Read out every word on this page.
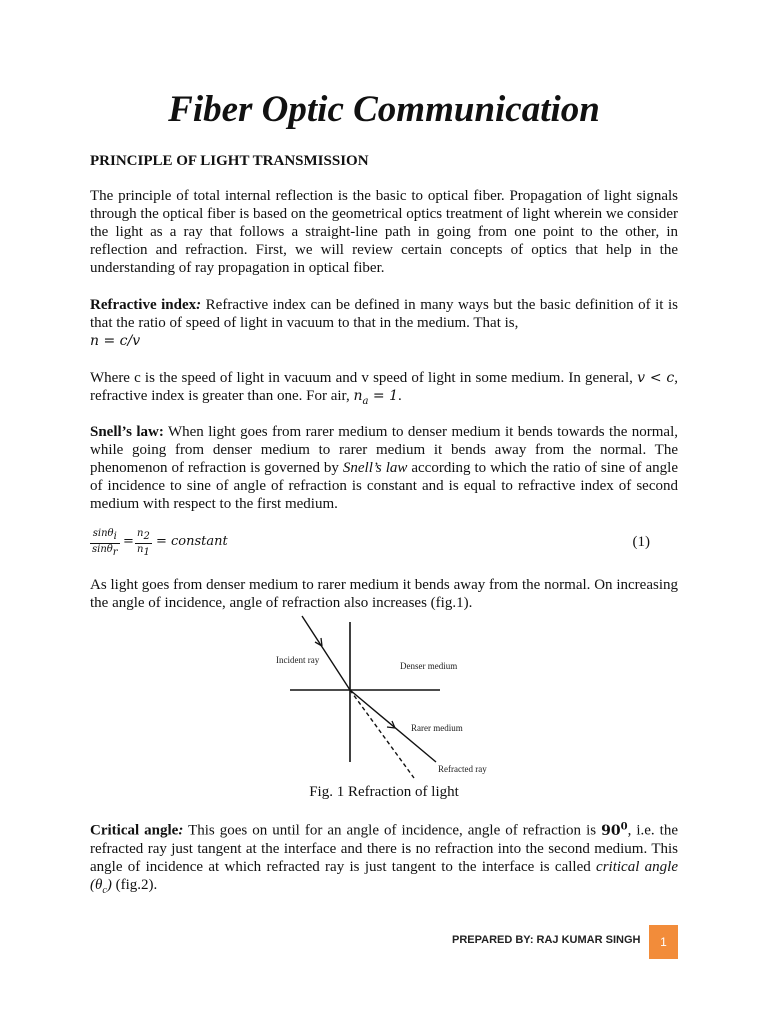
Fiber Optic Communication
PRINCIPLE OF LIGHT TRANSMISSION
The principle of total internal reflection is the basic to optical fiber. Propagation of light signals through the optical fiber is based on the geometrical optics treatment of light wherein we consider the light as a ray that follows a straight-line path in going from one point to the other, in reflection and refraction. First, we will review certain concepts of optics that help in the understanding of ray propagation in optical fiber.
Refractive index: Refractive index can be defined in many ways but the basic definition of it is that the ratio of speed of light in vacuum to that in the medium. That is,
n = c/v
Where c is the speed of light in vacuum and v speed of light in some medium. In general, v < c, refractive index is greater than one. For air, $n_a = 1$.
Snell’s law: When light goes from rarer medium to denser medium it bends towards the normal, while going from denser medium to rarer medium it bends away from the normal. The phenomenon of refraction is governed by Snell’s law according to which the ratio of sine of angle of incidence to sine of angle of refraction is constant and is equal to refractive index of second medium with respect to the first medium.
$\frac{\sin\theta_i}{\sin\theta_r} = \frac{n_2}{n_1}$ = constant	(1)
As light goes from denser medium to rarer medium it bends away from the normal. On increasing the angle of incidence, angle of refraction also increases (fig.1).
Incident ray
Denser medium
Rarer medium
Refracted ray
Fig. 1 Refraction of light
Critical angle: This goes on until for an angle of incidence, angle of refraction is $90^0$, i.e. the refracted ray just tangent at the interface and there is no refraction into the second medium. This angle of incidence at which refracted ray is just tangent to the interface is called critical angle $(\theta_c)$ (fig.2).
PREPARED BY: RAJ KUMAR SINGH 1
